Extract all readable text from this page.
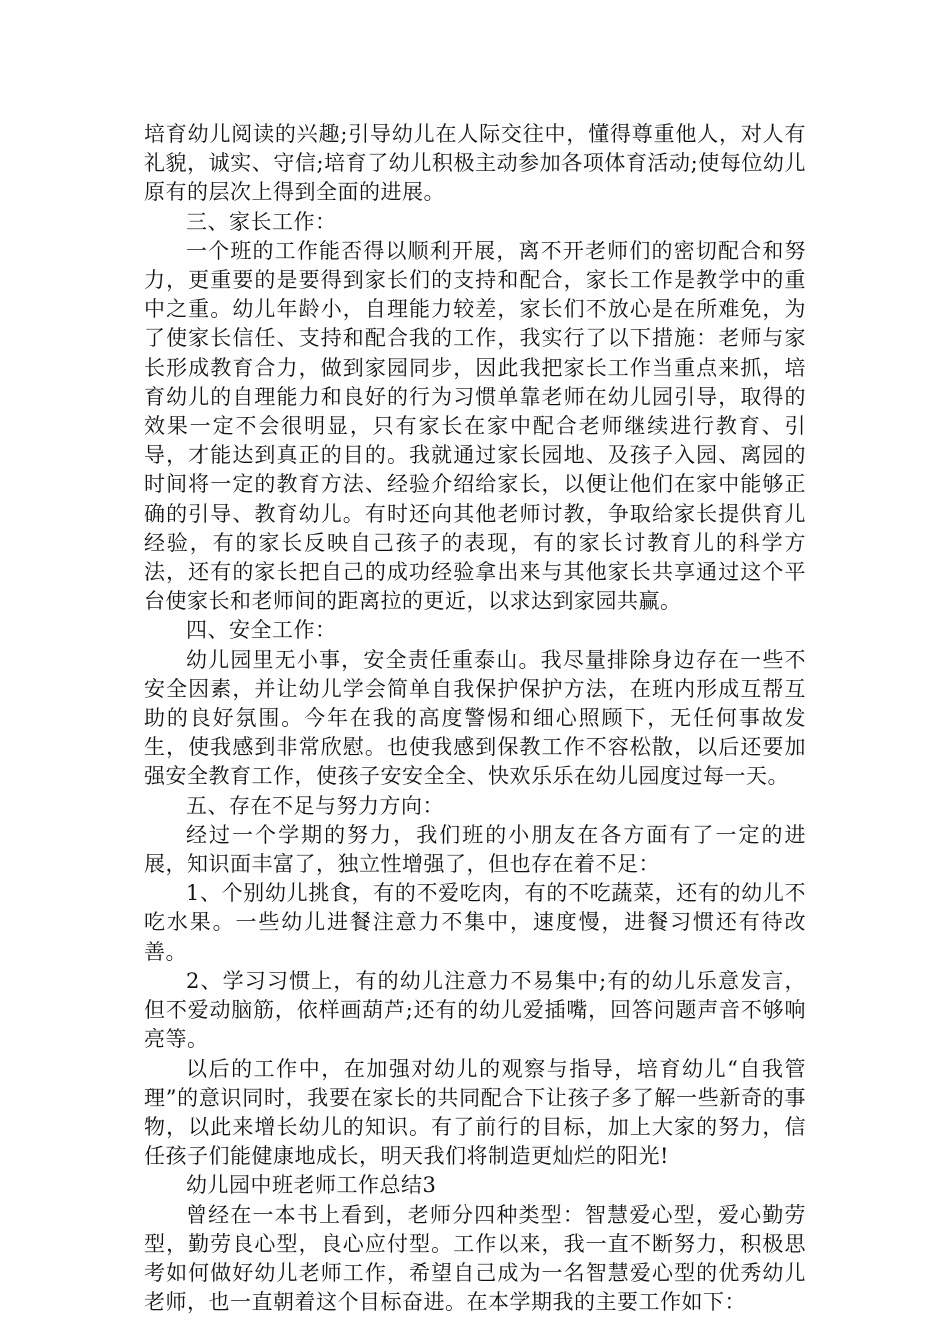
培育幼儿阅读的兴趣;引导幼儿在人际交往中，懂得尊重他人，对人有礼貌，诚实、守信;培育了幼儿积极主动参加各项体育活动;使每位幼儿原有的层次上得到全面的进展。

三、家长工作：

一个班的工作能否得以顺利开展，离不开老师们的密切配合和努力，更重要的是要得到家长们的支持和配合，家长工作是教学中的重中之重。幼儿年龄小，自理能力较差，家长们不放心是在所难免，为了使家长信任、支持和配合我的工作，我实行了以下措施：老师与家长形成教育合力，做到家园同步，因此我把家长工作当重点来抓，培育幼儿的自理能力和良好的行为习惯单靠老师在幼儿园引导，取得的效果一定不会很明显，只有家长在家中配合老师继续进行教育、引导，才能达到真正的目的。我就通过家长园地、及孩子入园、离园的时间将一定的教育方法、经验介绍给家长，以便让他们在家中能够正确的引导、教育幼儿。有时还向其他老师讨教，争取给家长提供育儿经验，有的家长反映自己孩子的表现，有的家长讨教育儿的科学方法，还有的家长把自己的成功经验拿出来与其他家长共享通过这个平台使家长和老师间的距离拉的更近，以求达到家园共赢。

四、安全工作：

幼儿园里无小事，安全责任重泰山。我尽量排除身边存在一些不安全因素，并让幼儿学会简单自我保护保护方法，在班内形成互帮互助的良好氛围。今年在我的高度警惕和细心照顾下，无任何事故发生，使我感到非常欣慰。也使我感到保教工作不容松散，以后还要加强安全教育工作，使孩子安安全全、快欢乐乐在幼儿园度过每一天。

五、存在不足与努力方向：

经过一个学期的努力，我们班的小朋友在各方面有了一定的进展，知识面丰富了，独立性增强了，但也存在着不足：

1、个别幼儿挑食，有的不爱吃肉，有的不吃蔬菜，还有的幼儿不吃水果。一些幼儿进餐注意力不集中，速度慢，进餐习惯还有待改善。

2、学习习惯上，有的幼儿注意力不易集中;有的幼儿乐意发言，但不爱动脑筋，依样画葫芦;还有的幼儿爱插嘴，回答问题声音不够响亮等。

以后的工作中，在加强对幼儿的观察与指导，培育幼儿“自我管理”的意识同时，我要在家长的共同配合下让孩子多了解一些新奇的事物，以此来增长幼儿的知识。有了前行的目标，加上大家的努力，信任孩子们能健康地成长，明天我们将制造更灿烂的阳光!

幼儿园中班老师工作总结3

曾经在一本书上看到，老师分四种类型：智慧爱心型，爱心勤劳型，勤劳良心型，良心应付型。工作以来，我一直不断努力，积极思考如何做好幼儿老师工作，希望自己成为一名智慧爱心型的优秀幼儿老师，也一直朝着这个目标奋进。在本学期我的主要工作如下：
